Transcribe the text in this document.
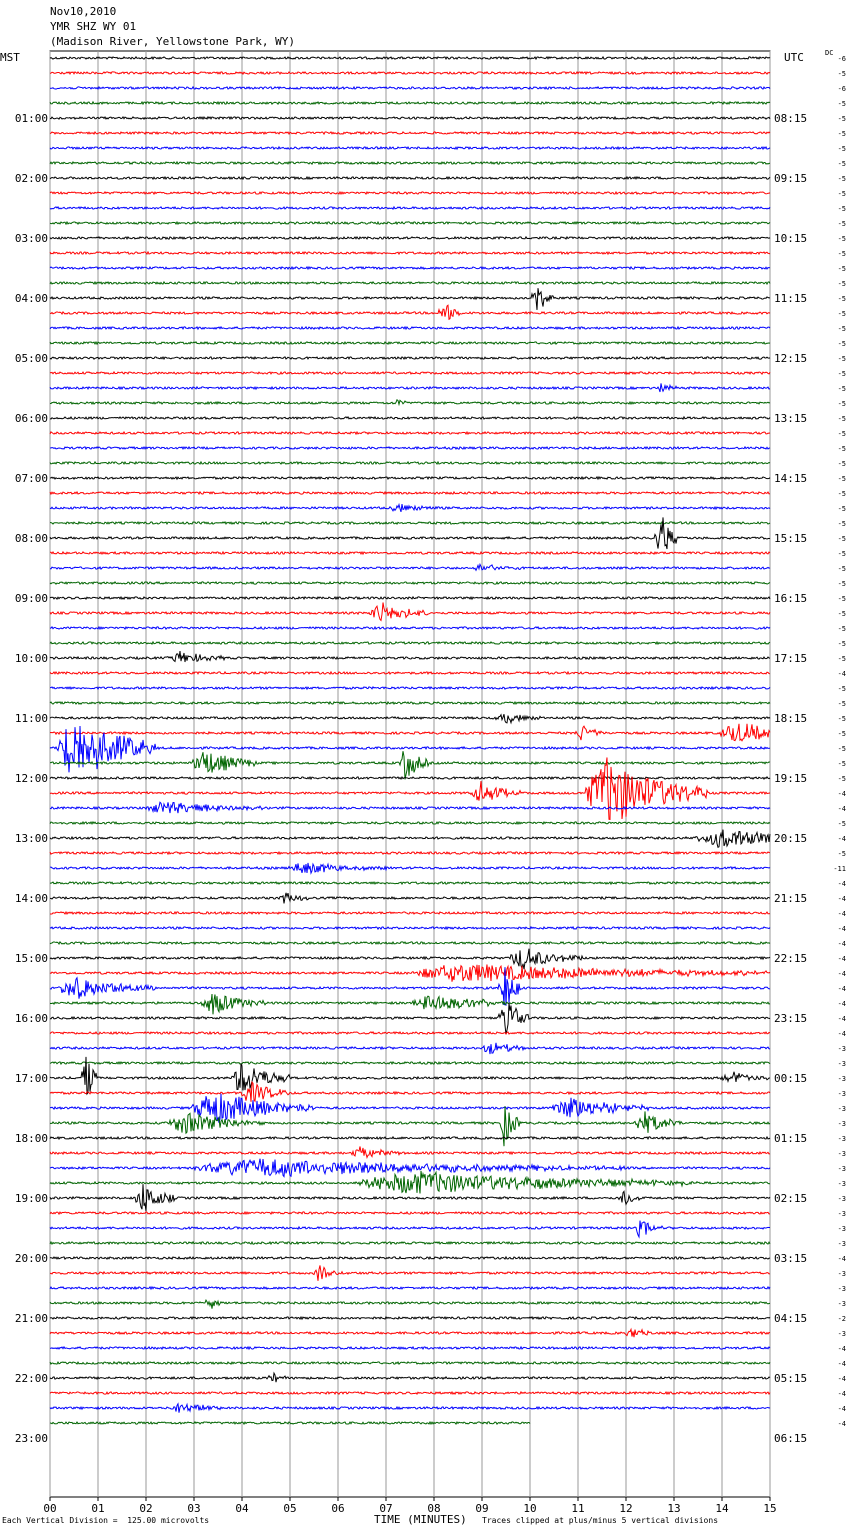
Nov10,2010
YMR SHZ WY 01
(Madison River, Yellowstone Park, WY)
MST	UTC	DC
00	01	02	03	04	05	06	07	08	09	10	11	12	13	14	15
-6
-5
-6
-5
-5
-5
-5
-5
-5
-5
-5
-5
-5
-5
-5
-5
-5
-5
-5
-5
-5
-5
-5
-5
-5
-5
-5
-5
-5
-5
-5
-5
-5
-5
-5
-5
-5
-5
-5
-5
-5
-4
-5
-5
-5
-5
-5
-5
-5
-4
-4
-5
-4
-5
-11
-4
-4
-4
-4
-4
-4
-4
-4
-4
-4
-4
-3
-3
-3
-3
-3
-3
-3
-3
-3
-3
-3
-3
-3
-3
-4
-3
-3
-3
-2
-3
-4
-4
-4
-4
-4
-4
01:00
02:00
03:00
04:00
05:00
06:00
07:00
08:00
09:00
10:00
11:00
12:00
13:00
14:00
15:00
16:00
17:00
18:00
19:00
20:00
21:00
22:00
23:00
08:15
09:15
10:15
11:15
12:15
13:15
14:15
15:15
16:15
17:15
18:15
19:15
20:15
21:15
22:15
23:15
00:15
01:15
02:15
03:15
04:15
05:15
06:15
Each Vertical Division =  125.00 microvolts	TIME (MINUTES) Traces clipped at plus/minus 5 vertical divisions
